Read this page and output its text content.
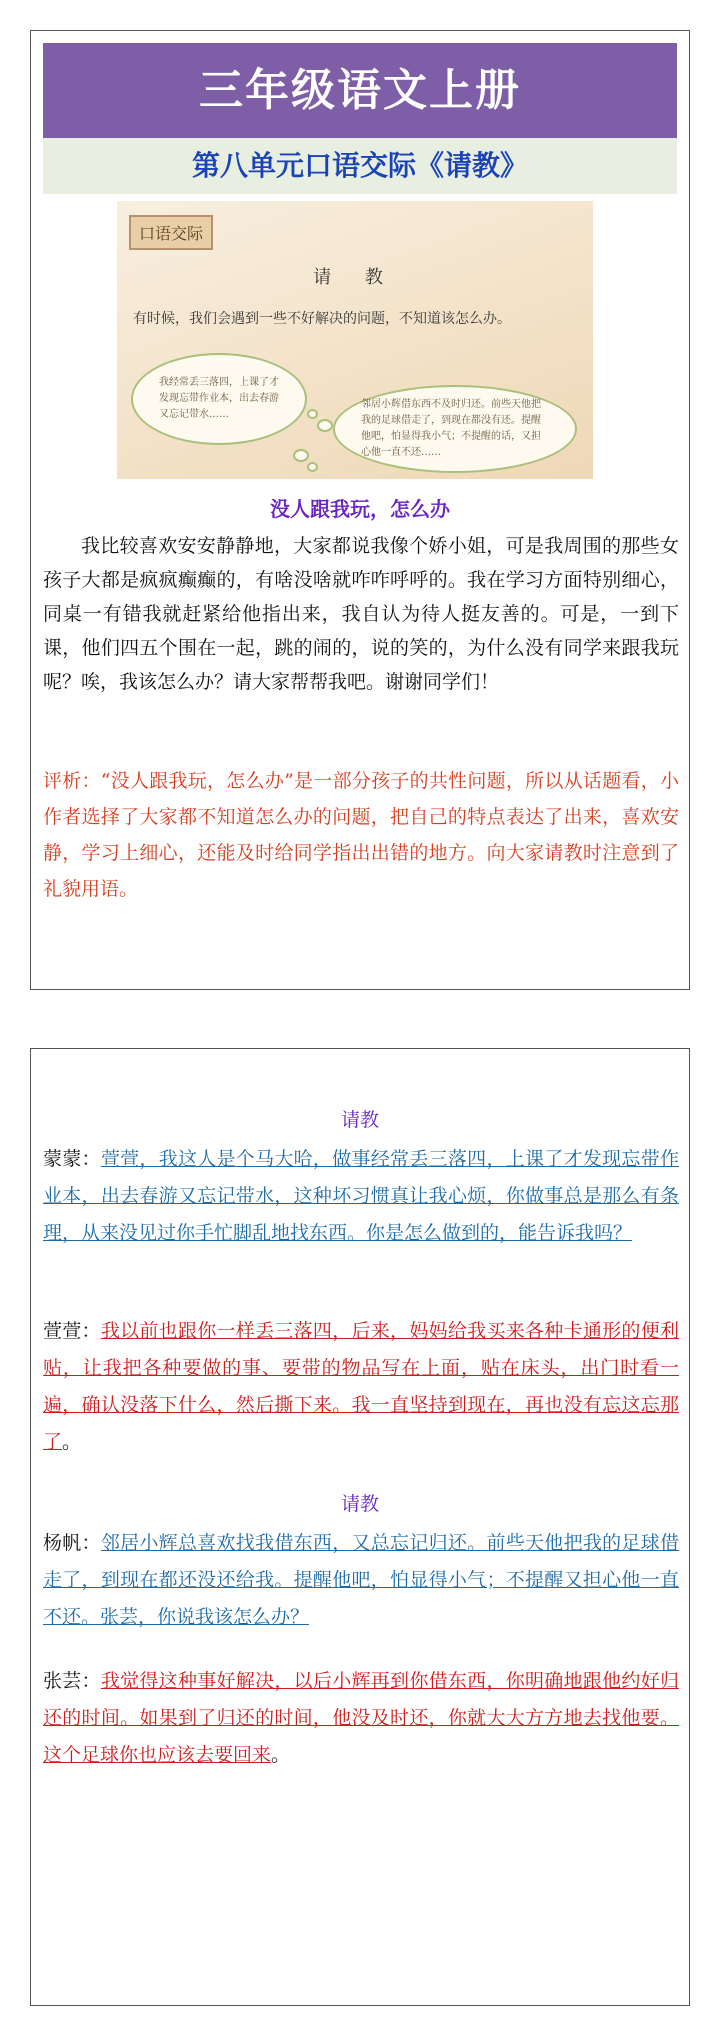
三年级语文上册
第八单元口语交际《请教》
口语交际
请 教
有时候，我们会遇到一些不好解决的问题，不知道该怎么办。
我经常丢三落四，上课了才发现忘带作业本，出去春游又忘记带水……
邻居小辉借东西不及时归还。前些天他把我的足球借走了，到现在都没有还。提醒他吧，怕显得我小气；不提醒的话，又担心他一直不还……
没人跟我玩，怎么办
我比较喜欢安安静静地，大家都说我像个娇小姐，可是我周围的那些女孩子大都是疯疯癫癫的，有啥没啥就咋咋呼呼的。我在学习方面特别细心，同桌一有错我就赶紧给他指出来，我自认为待人挺友善的。可是，一到下课，他们四五个围在一起，跳的闹的，说的笑的，为什么没有同学来跟我玩呢？唉，我该怎么办？请大家帮帮我吧。谢谢同学们！
评析：“没人跟我玩，怎么办”是一部分孩子的共性问题，所以从话题看，小作者选择了大家都不知道怎么办的问题，把自己的特点表达了出来，喜欢安静，学习上细心，还能及时给同学指出出错的地方。向大家请教时注意到了礼貌用语。
请教
蒙蒙：萱萱，我这人是个马大哈，做事经常丢三落四，上课了才发现忘带作业本，出去春游又忘记带水，这种坏习惯真让我心烦，你做事总是那么有条理，从来没见过你手忙脚乱地找东西。你是怎么做到的，能告诉我吗？
萱萱：我以前也跟你一样丢三落四，后来，妈妈给我买来各种卡通形的便利贴，让我把各种要做的事、要带的物品写在上面，贴在床头，出门时看一遍，确认没落下什么，然后撕下来。我一直坚持到现在，再也没有忘这忘那了。
请教
杨帆：邻居小辉总喜欢找我借东西，又总忘记归还。前些天他把我的足球借走了，到现在都还没还给我。提醒他吧，怕显得小气；不提醒又担心他一直不还。张芸，你说我该怎么办？
张芸：我觉得这种事好解决，以后小辉再到你借东西，你明确地跟他约好归还的时间。如果到了归还的时间，他没及时还，你就大大方方地去找他要。这个足球你也应该去要回来。
